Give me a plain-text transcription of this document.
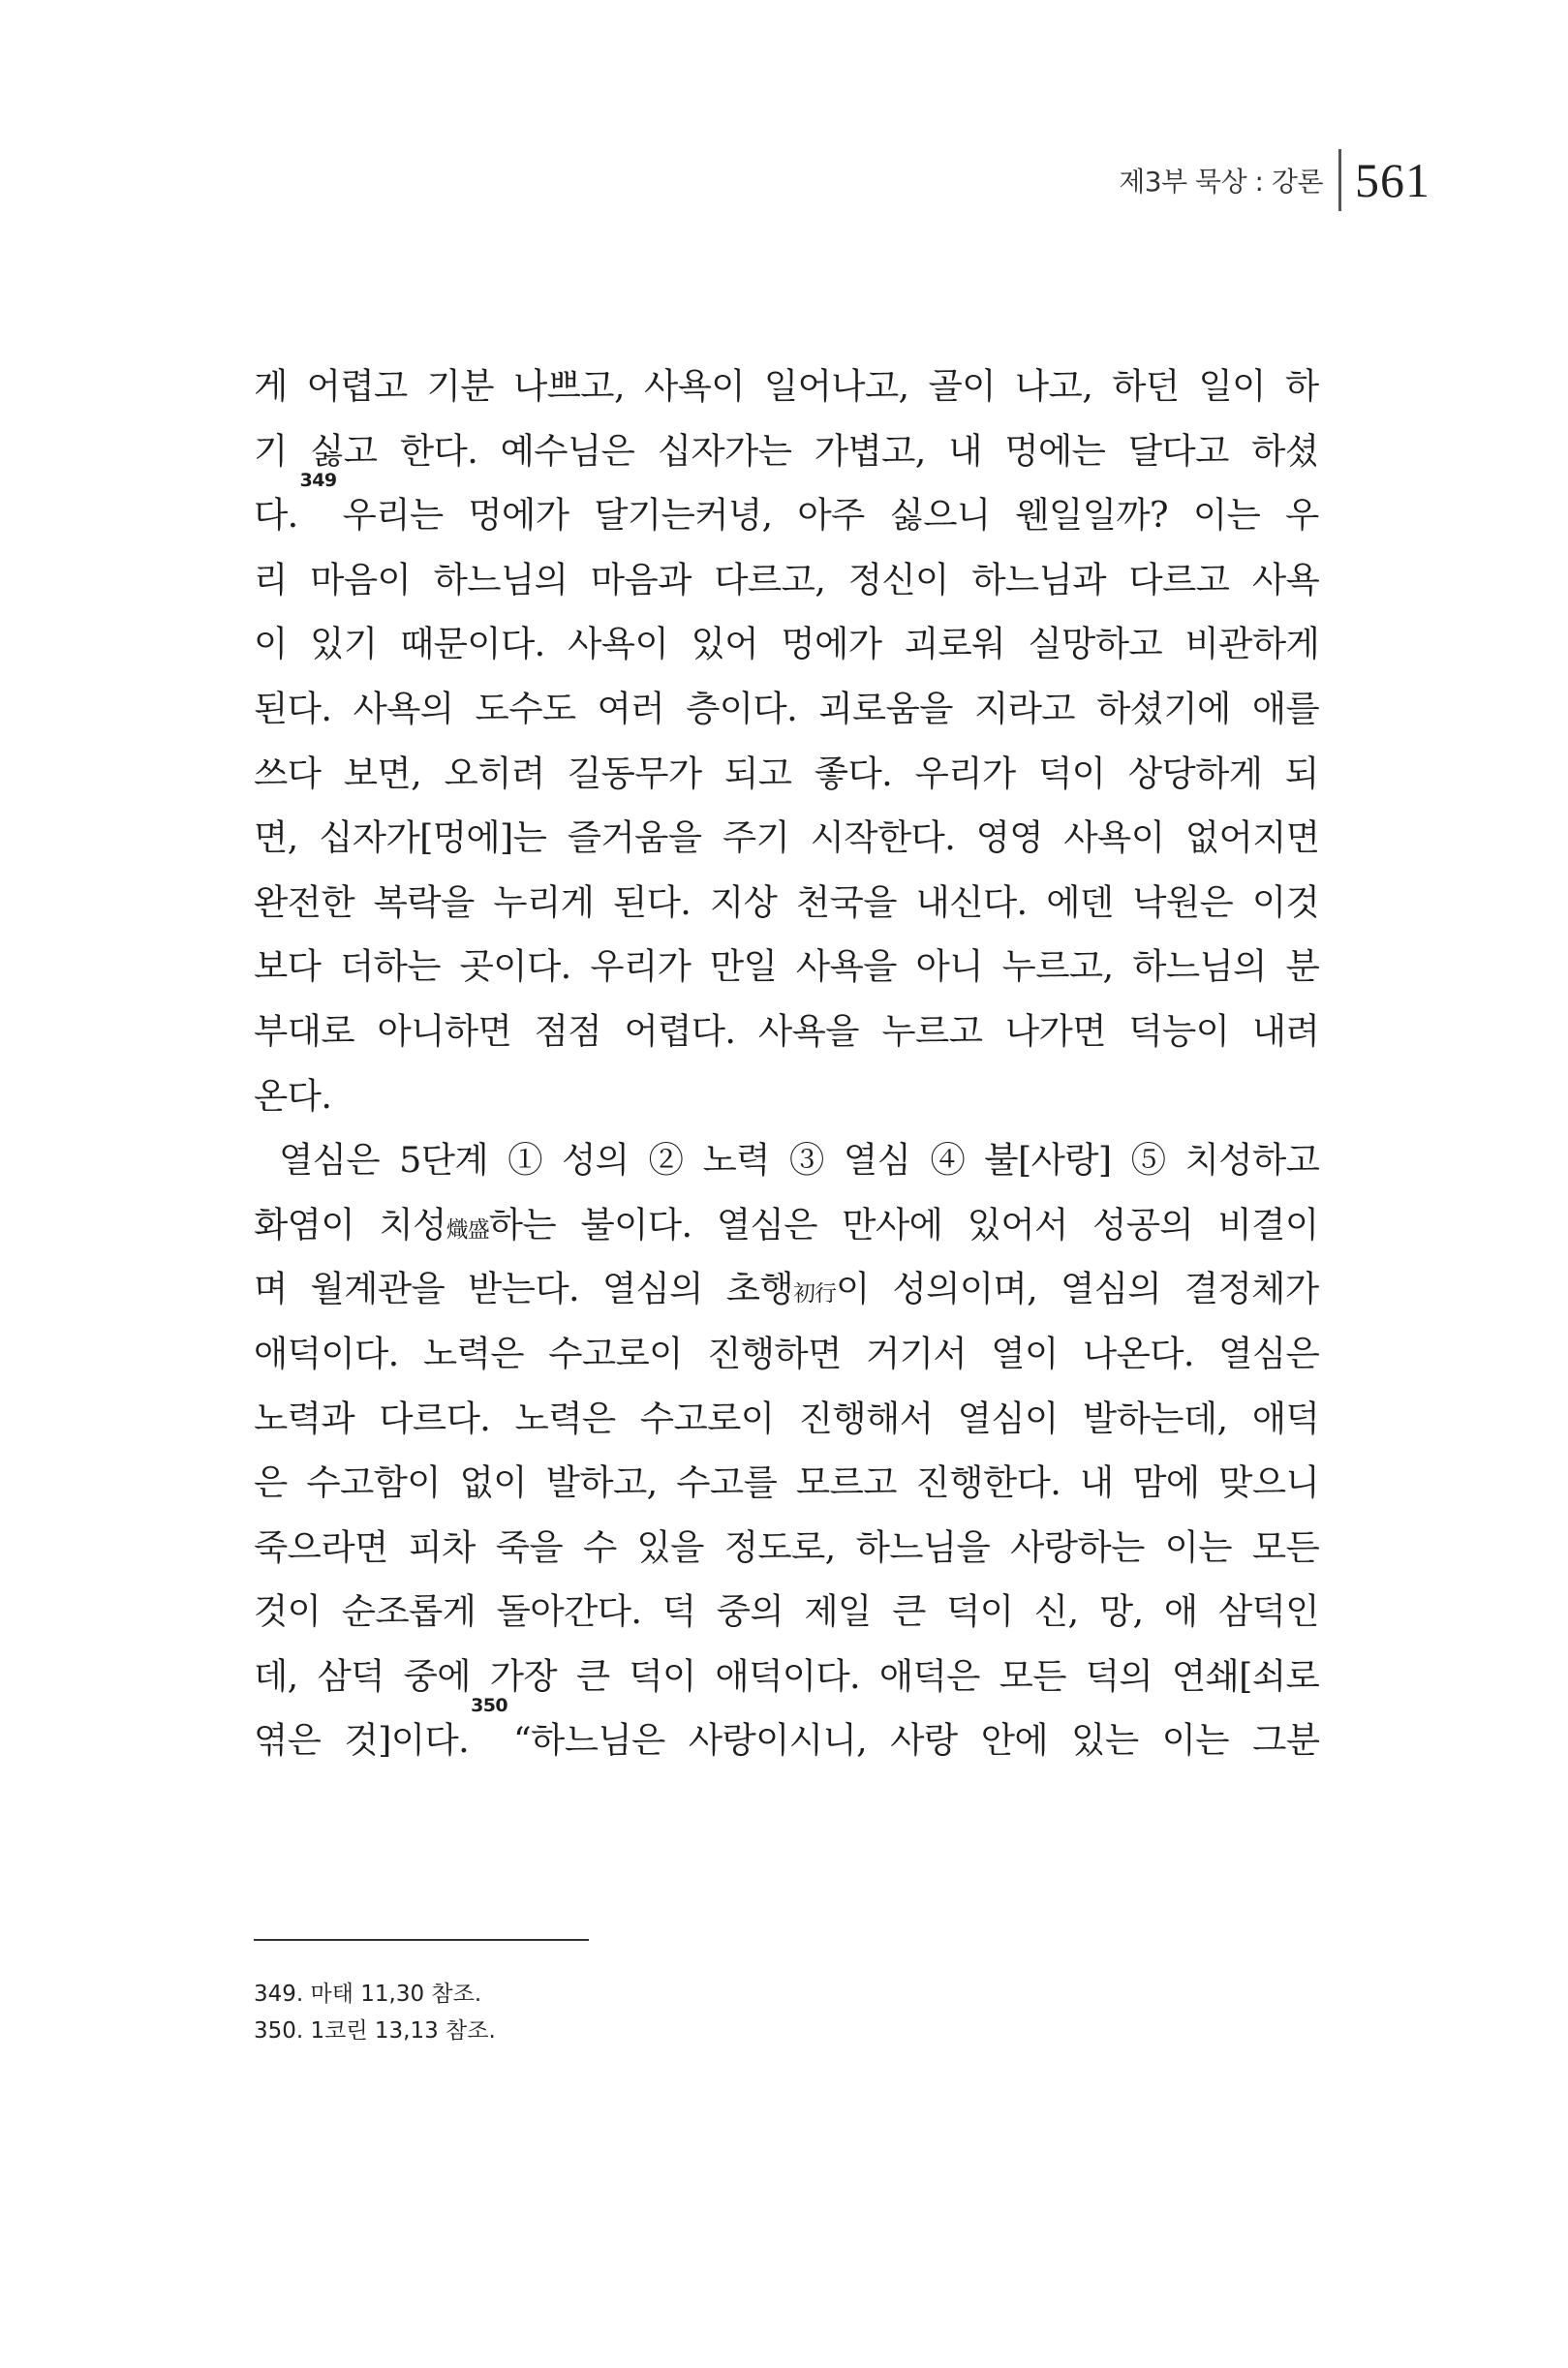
제3부 묵상 : 강론 561
게 어렵고 기분 나쁘고, 사욕이 일어나고, 골이 나고, 하던 일이 하
기 싫고 한다. 예수님은 십자가는 가볍고, 내 멍에는 달다고 하셨
다.$^{349}$우리는 멍에가 달기는커녕, 아주 싫으니 웬일일까? 이는 우
리 마음이 하느님의 마음과 다르고, 정신이 하느님과 다르고 사욕
이 있기 때문이다. 사욕이 있어 멍에가 괴로워 실망하고 비관하게
된다. 사욕의 도수도 여러 층이다. 괴로움을 지라고 하셨기에 애를
쓰다 보면, 오히려 길동무가 되고 좋다. 우리가 덕이 상당하게 되
면, 십자가[멍에]는 즐거움을 주기 시작한다. 영영 사욕이 없어지면
완전한 복락을 누리게 된다. 지상 천국을 내신다. 에덴 낙원은 이것
보다 더하는 곳이다. 우리가 만일 사욕을 아니 누르고, 하느님의 분
부대로 아니하면 점점 어렵다. 사욕을 누르고 나가면 덕능이 내려
온다.
열심은 5단계 ① 성의 ② 노력 ③ 열심 ④ 불[사랑] ⑤ 치성하고
화염이 치성熾盛하는 불이다. 열심은 만사에 있어서 성공의 비결이
며 월계관을 받는다. 열심의 초행初行이 성의이며, 열심의 결정체가
애덕이다. 노력은 수고로이 진행하면 거기서 열이 나온다. 열심은
노력과 다르다. 노력은 수고로이 진행해서 열심이 발하는데, 애덕
은 수고함이 없이 발하고, 수고를 모르고 진행한다. 내 맘에 맞으니
죽으라면 피차 죽을 수 있을 정도로, 하느님을 사랑하는 이는 모든
것이 순조롭게 돌아간다. 덕 중의 제일 큰 덕이 신, 망, 애 삼덕인
데, 삼덕 중에 가장 큰 덕이 애덕이다. 애덕은 모든 덕의 연쇄[쇠로
엮은 것]이다.$^{350}$“하느님은 사랑이시니, 사랑 안에 있는 이는 그분
349. 마태 11,30 참조.
350. 1코린 13,13 참조.
